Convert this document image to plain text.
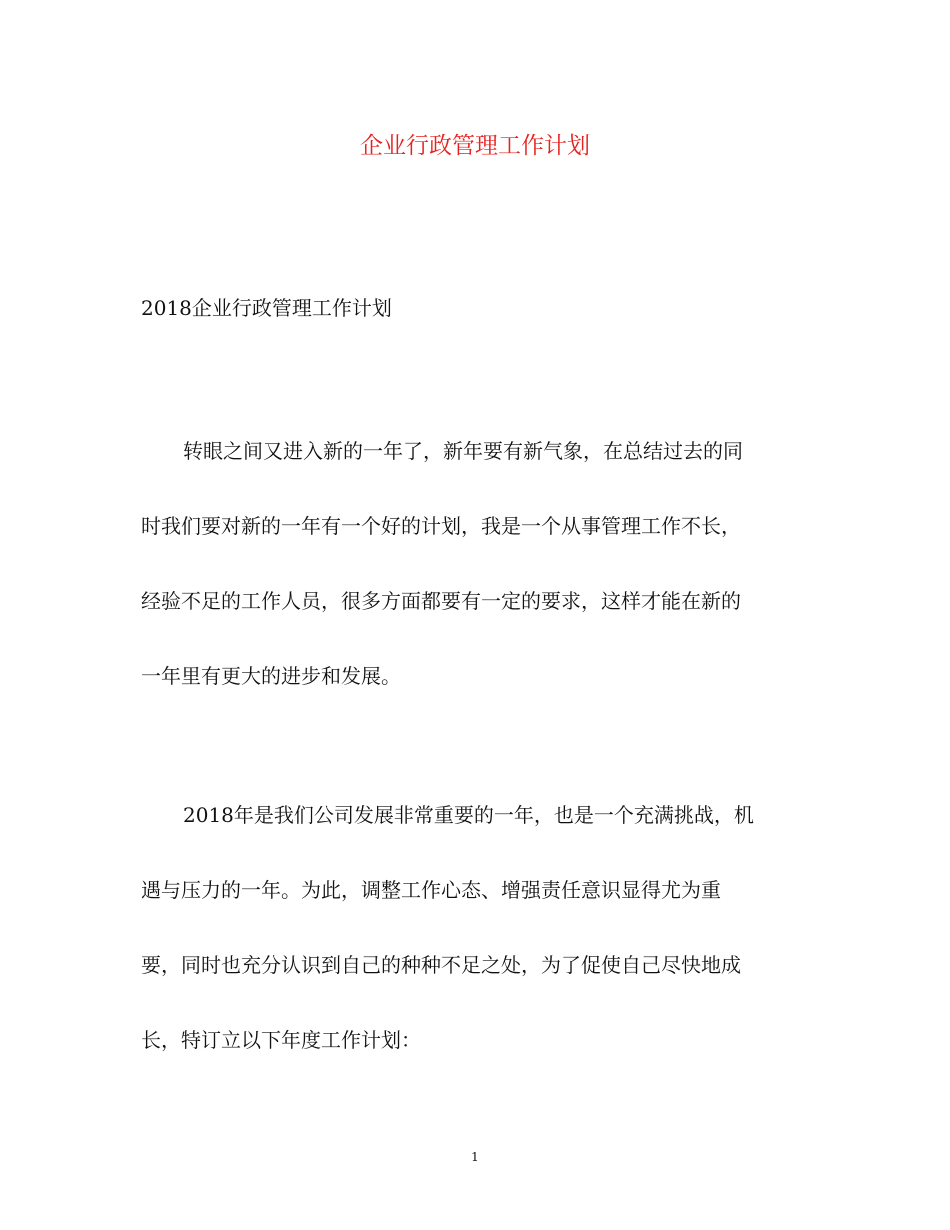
企业行政管理工作计划

2018企业行政管理工作计划

转眼之间又进入新的一年了，新年要有新气象，在总结过去的同
时我们要对新的一年有一个好的计划，我是一个从事管理工作不长，
经验不足的工作人员，很多方面都要有一定的要求，这样才能在新的
一年里有更大的进步和发展。
2018年是我们公司发展非常重要的一年，也是一个充满挑战，机
遇与压力的一年。为此，调整工作心态、增强责任意识显得尤为重
要，同时也充分认识到自己的种种不足之处，为了促使自己尽快地成
长，特订立以下年度工作计划：

1
